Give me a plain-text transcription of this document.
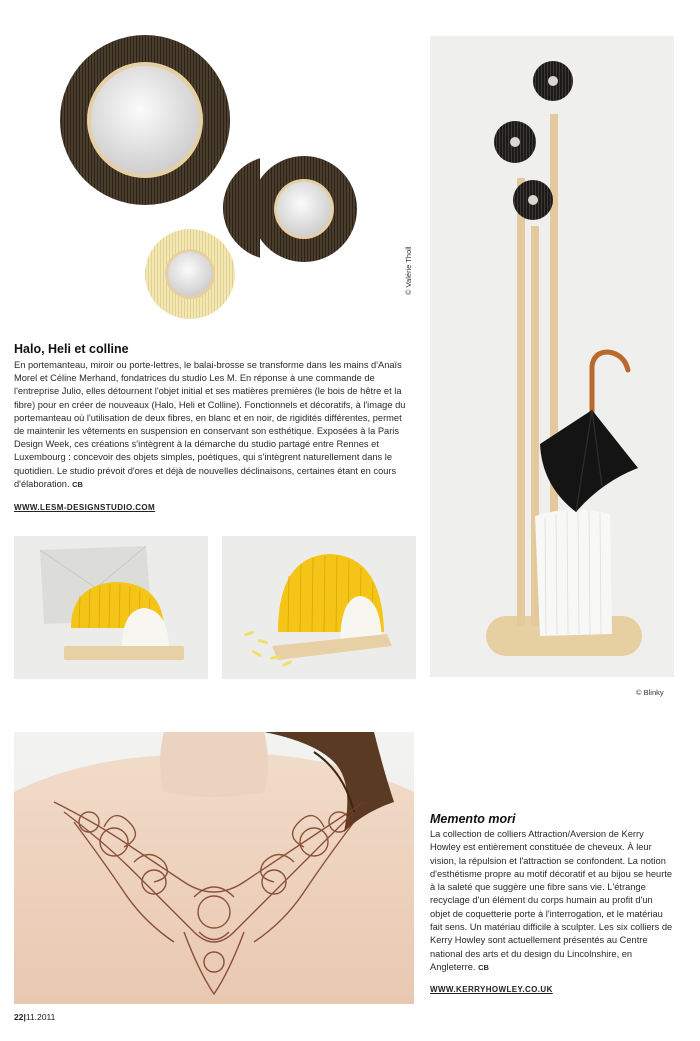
© Valérie Tholl
Halo, Heli et colline

En portemanteau, miroir ou porte-lettres, le balai-brosse se transforme dans les mains d'Anaïs Morel et Céline Merhand, fondatrices du studio Les M. En réponse à une commande de l'entreprise Julio, elles détournent l'objet initial et ses matières premières (le bois de hêtre et la fibre) pour en créer de nouveaux (Halo, Heli et Colline). Fonctionnels et décoratifs, à l'image du portemanteau où l'utilisation de deux fibres, en blanc et en noir, de rigidités différentes, permet de maintenir les vêtements en suspension en conservant son esthétique. Exposées à la Paris Design Week, ces créations s'intègrent à la démarche du studio partagé entre Rennes et Luxembourg : concevoir des objets simples, poétiques, qui s'intègrent naturellement dans le quotidien. Le studio prévoit d'ores et déjà de nouvelles déclinaisons, certaines étant en cours d'élaboration. CB

WWW.LESM-DESIGNSTUDIO.COM
© Blinky
Memento mori

La collection de colliers Attraction/Aversion de Kerry Howley est entièrement constituée de cheveux. À leur vision, la répulsion et l'attraction se confondent. La notion d'esthétisme propre au motif décoratif et au bijou se heurte à la saleté que suggère une fibre sans vie. L'étrange recyclage d'un élément du corps humain au profit d'un objet de coquetterie porte à l'interrogation, et le matériau fait sens. Un matériau difficile à sculpter. Les six colliers de Kerry Howley sont actuellement présentés au Centre national des arts et du design du Lincolnshire, en Angleterre. CB

WWW.KERRYHOWLEY.CO.UK
22|11.2011
